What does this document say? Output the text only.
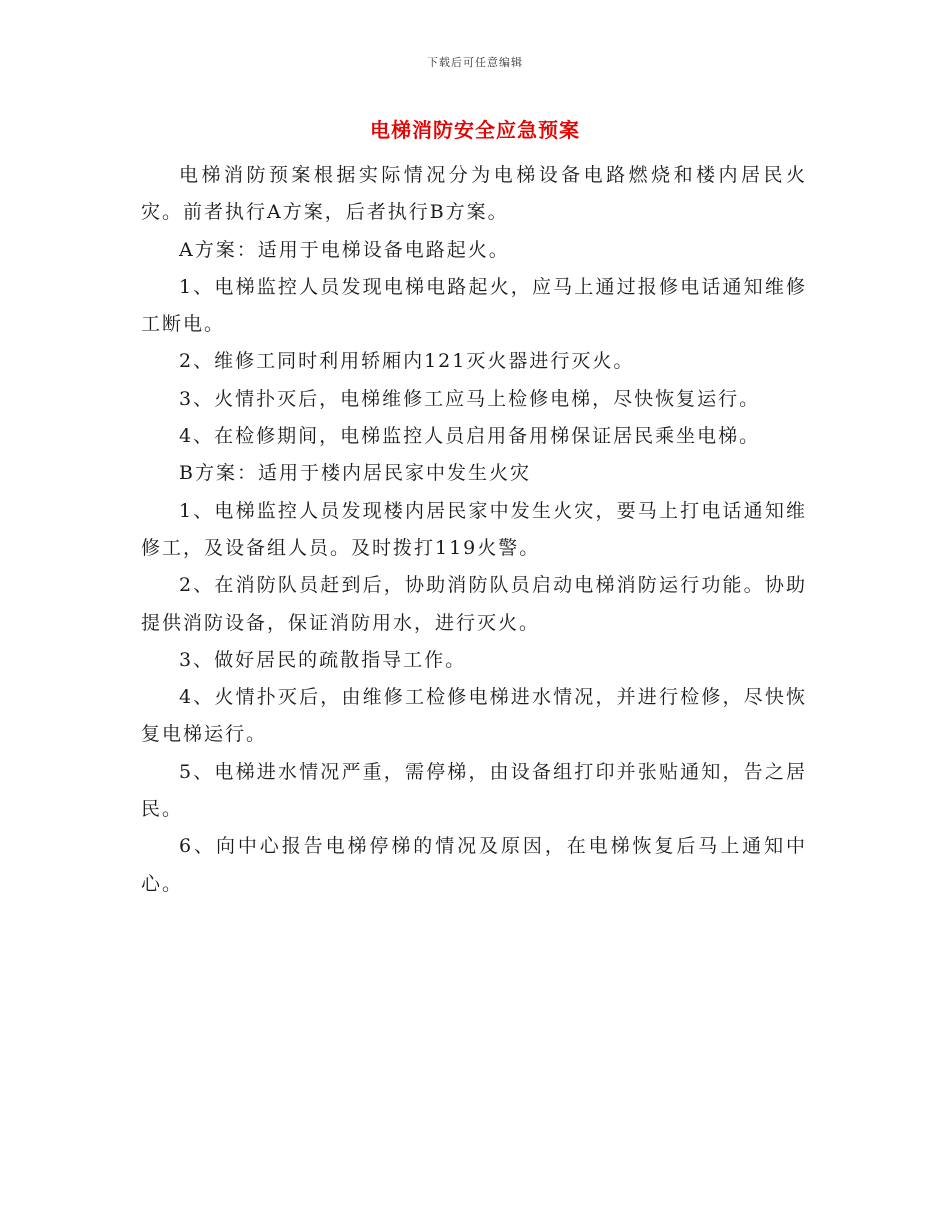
下载后可任意编辑
电梯消防安全应急预案

电梯消防预案根据实际情况分为电梯设备电路燃烧和楼内居民火灾。前者执行A方案，后者执行B方案。

A方案：适用于电梯设备电路起火。

1、电梯监控人员发现电梯电路起火，应马上通过报修电话通知维修工断电。

2、维修工同时利用轿厢内121灭火器进行灭火。

3、火情扑灭后，电梯维修工应马上检修电梯，尽快恢复运行。

4、在检修期间，电梯监控人员启用备用梯保证居民乘坐电梯。

B方案：适用于楼内居民家中发生火灾

1、电梯监控人员发现楼内居民家中发生火灾，要马上打电话通知维修工，及设备组人员。及时拨打119火警。

2、在消防队员赶到后，协助消防队员启动电梯消防运行功能。协助提供消防设备，保证消防用水，进行灭火。

3、做好居民的疏散指导工作。

4、火情扑灭后，由维修工检修电梯进水情况，并进行检修，尽快恢复电梯运行。

5、电梯进水情况严重，需停梯，由设备组打印并张贴通知，告之居民。

6、向中心报告电梯停梯的情况及原因，在电梯恢复后马上通知中心。
